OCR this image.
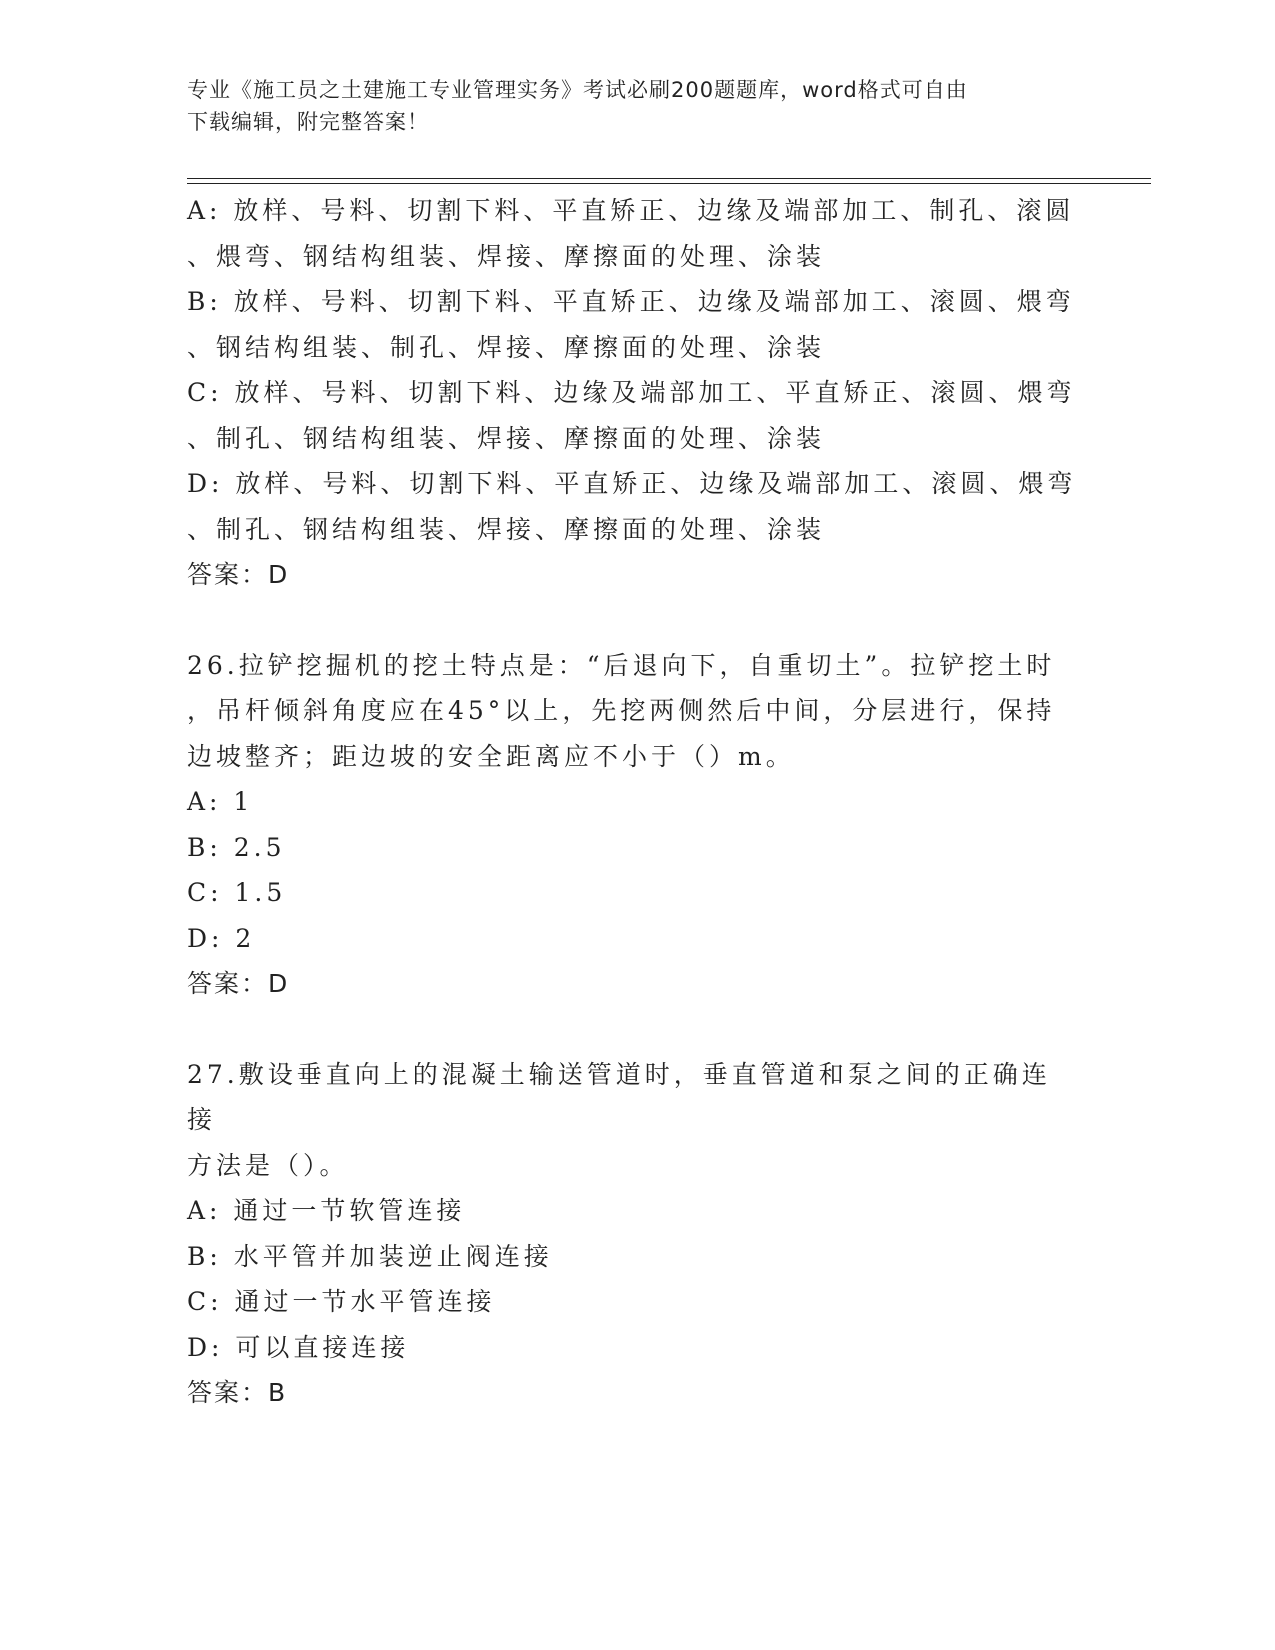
专业《施工员之土建施工专业管理实务》考试必刷200题题库，word格式可自由
下载编辑，附完整答案！

A: 放样、号料、切割下料、平直矫正、边缘及端部加工、制孔、滚圆

、煨弯、钢结构组装、焊接、摩擦面的处理、涂装

B: 放样、号料、切割下料、平直矫正、边缘及端部加工、滚圆、煨弯

、钢结构组装、制孔、焊接、摩擦面的处理、涂装

C: 放样、号料、切割下料、边缘及端部加工、平直矫正、滚圆、煨弯

、制孔、钢结构组装、焊接、摩擦面的处理、涂装

D: 放样、号料、切割下料、平直矫正、边缘及端部加工、滚圆、煨弯

、制孔、钢结构组装、焊接、摩擦面的处理、涂装

答案：D

26.拉铲挖掘机的挖土特点是：“后退向下，自重切土”。拉铲挖土时

，吊杆倾斜角度应在45°以上，先挖两侧然后中间，分层进行，保持

边坡整齐；距边坡的安全距离应不小于（）m。

A: 1

B: 2.5

C: 1.5

D: 2

答案：D

27.敷设垂直向上的混凝土输送管道时，垂直管道和泵之间的正确连接

方法是（）。

A: 通过一节软管连接

B: 水平管并加装逆止阀连接

C: 通过一节水平管连接

D: 可以直接连接

答案：B
